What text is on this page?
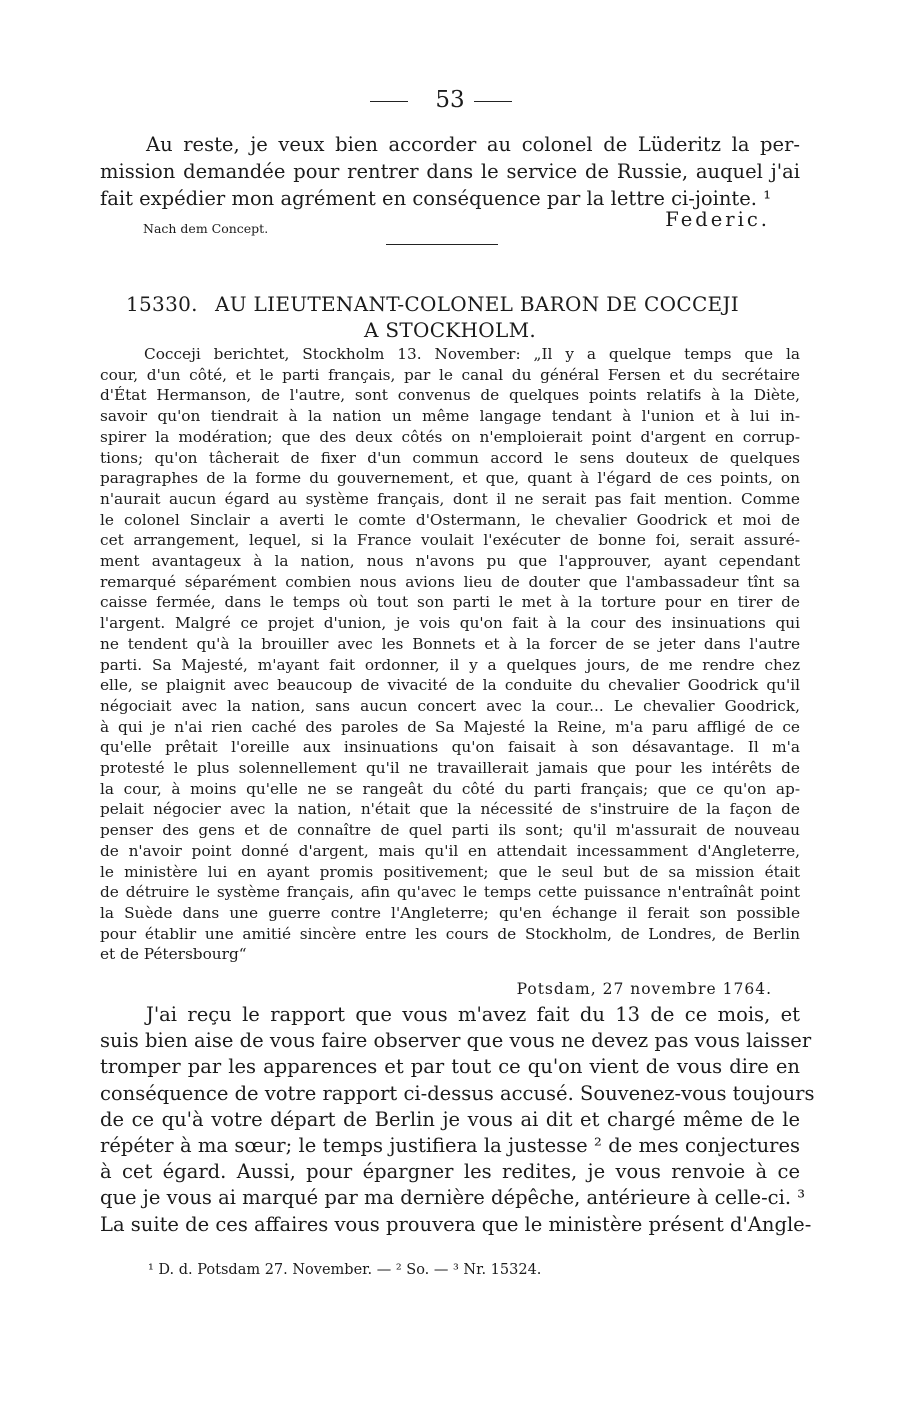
53
Au reste, je veux bien accorder au colonel de Lüderitz la per-
mission demandée pour rentrer dans le service de Russie, auquel j'ai
fait expédier mon agrément en conséquence par la lettre ci-jointe. ¹
Nach dem Concept.	Federic.
15330. AU LIEUTENANT-COLONEL BARON DE COCCEJI
A STOCKHOLM.
Cocceji berichtet, Stockholm 13. November: „Il y a quelque temps que la
cour, d'un côté, et le parti français, par le canal du général Fersen et du secrétaire
d'État Hermanson, de l'autre, sont convenus de quelques points relatifs à la Diète,
savoir qu'on tiendrait à la nation un même langage tendant à l'union et à lui in-
spirer la modération; que des deux côtés on n'emploierait point d'argent en corrup-
tions; qu'on tâcherait de fixer d'un commun accord le sens douteux de quelques
paragraphes de la forme du gouvernement, et que, quant à l'égard de ces points, on
n'aurait aucun égard au système français, dont il ne serait pas fait mention. Comme
le colonel Sinclair a averti le comte d'Ostermann, le chevalier Goodrick et moi de
cet arrangement, lequel, si la France voulait l'exécuter de bonne foi, serait assuré-
ment avantageux à la nation, nous n'avons pu que l'approuver, ayant cependant
remarqué séparément combien nous avions lieu de douter que l'ambassadeur tînt sa
caisse fermée, dans le temps où tout son parti le met à la torture pour en tirer de
l'argent. Malgré ce projet d'union, je vois qu'on fait à la cour des insinuations qui
ne tendent qu'à la brouiller avec les Bonnets et à la forcer de se jeter dans l'autre
parti. Sa Majesté, m'ayant fait ordonner, il y a quelques jours, de me rendre chez
elle, se plaignit avec beaucoup de vivacité de la conduite du chevalier Goodrick qu'il
négociait avec la nation, sans aucun concert avec la cour... Le chevalier Goodrick,
à qui je n'ai rien caché des paroles de Sa Majesté la Reine, m'a paru affligé de ce
qu'elle prêtait l'oreille aux insinuations qu'on faisait à son désavantage. Il m'a
protesté le plus solennellement qu'il ne travaillerait jamais que pour les intérêts de
la cour, à moins qu'elle ne se rangeât du côté du parti français; que ce qu'on ap-
pelait négocier avec la nation, n'était que la nécessité de s'instruire de la façon de
penser des gens et de connaître de quel parti ils sont; qu'il m'assurait de nouveau
de n'avoir point donné d'argent, mais qu'il en attendait incessamment d'Angleterre,
le ministère lui en ayant promis positivement; que le seul but de sa mission était
de détruire le système français, afin qu'avec le temps cette puissance n'entraînât point
la Suède dans une guerre contre l'Angleterre; qu'en échange il ferait son possible
pour établir une amitié sincère entre les cours de Stockholm, de Londres, de Berlin
et de Pétersbourg“
Potsdam, 27 novembre 1764.
J'ai reçu le rapport que vous m'avez fait du 13 de ce mois, et
suis bien aise de vous faire observer que vous ne devez pas vous laisser
tromper par les apparences et par tout ce qu'on vient de vous dire en
conséquence de votre rapport ci-dessus accusé. Souvenez-vous toujours
de ce qu'à votre départ de Berlin je vous ai dit et chargé même de le
répéter à ma sœur; le temps justifiera la justesse ² de mes conjectures
à cet égard. Aussi, pour épargner les redites, je vous renvoie à ce
que je vous ai marqué par ma dernière dépêche, antérieure à celle-ci. ³
La suite de ces affaires vous prouvera que le ministère présent d'Angle-
¹ D. d. Potsdam 27. November. — ² So. — ³ Nr. 15324.
